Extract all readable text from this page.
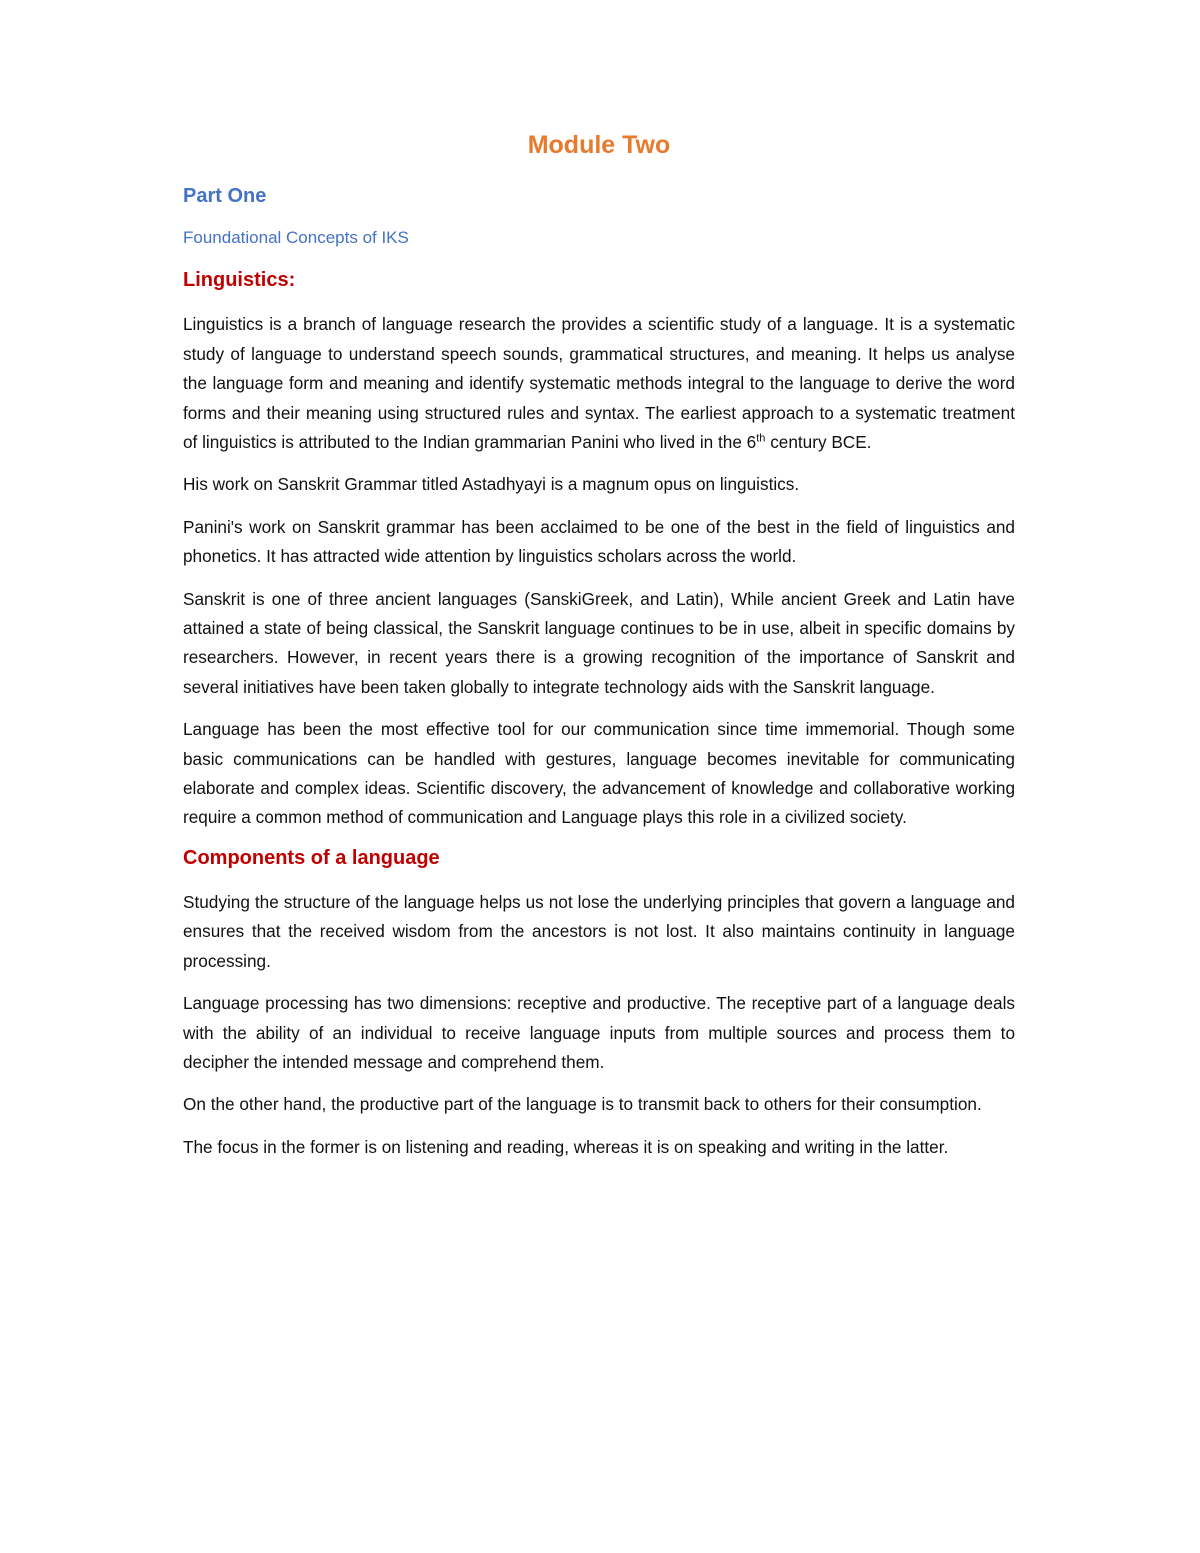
Module Two
Part One
Foundational Concepts of IKS
Linguistics:

Linguistics is a branch of language research the provides a scientific study of a language. It is a systematic study of language to understand speech sounds, grammatical structures, and meaning. It helps us analyse the language form and meaning and identify systematic methods integral to the language to derive the word forms and their meaning using structured rules and syntax. The earliest approach to a systematic treatment of linguistics is attributed to the Indian grammarian Panini who lived in the 6th century BCE.

His work on Sanskrit Grammar titled Astadhyayi is a magnum opus on linguistics.

Panini's work on Sanskrit grammar has been acclaimed to be one of the best in the field of linguistics and phonetics. It has attracted wide attention by linguistics scholars across the world.

Sanskrit is one of three ancient languages (SanskiGreek, and Latin), While ancient Greek and Latin have attained a state of being classical, the Sanskrit language continues to be in use, albeit in specific domains by researchers. However, in recent years there is a growing recognition of the importance of Sanskrit and several initiatives have been taken globally to integrate technology aids with the Sanskrit language.

Language has been the most effective tool for our communication since time immemorial. Though some basic communications can be handled with gestures, language becomes inevitable for communicating elaborate and complex ideas. Scientific discovery, the advancement of knowledge and collaborative working require a common method of communication and Language plays this role in a civilized society.

Components of a language

Studying the structure of the language helps us not lose the underlying principles that govern a language and ensures that the received wisdom from the ancestors is not lost. It also maintains continuity in language processing.

Language processing has two dimensions: receptive and productive. The receptive part of a language deals with the ability of an individual to receive language inputs from multiple sources and process them to decipher the intended message and comprehend them.

On the other hand, the productive part of the language is to transmit back to others for their consumption.

The focus in the former is on listening and reading, whereas it is on speaking and writing in the latter.
